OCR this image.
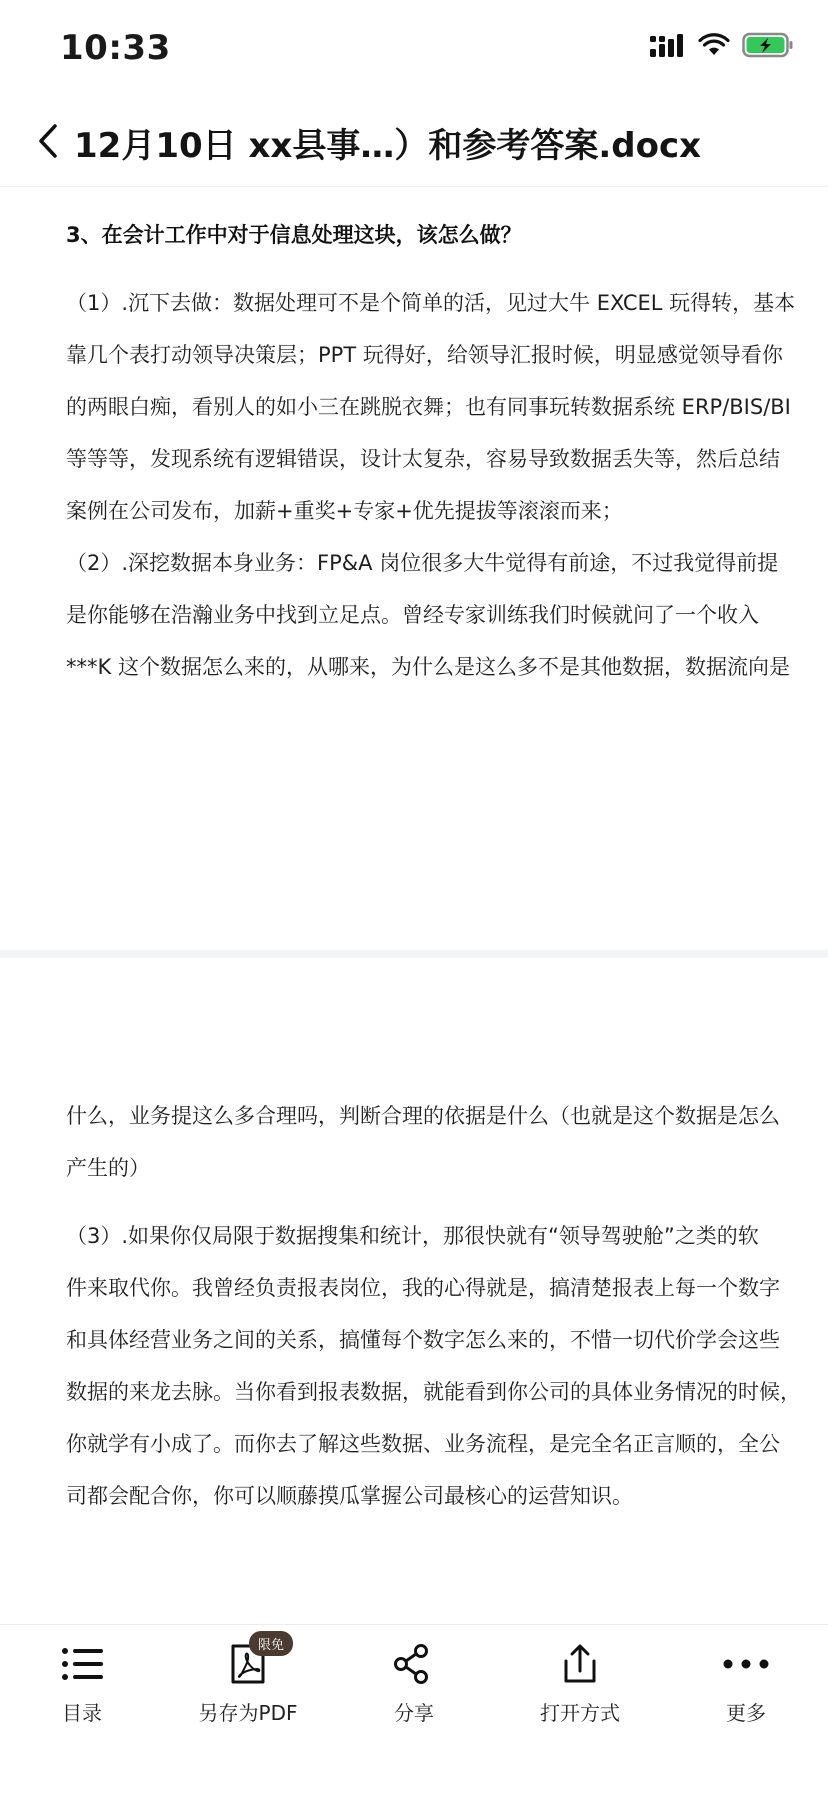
10:33
12月10日 xx县事…）和参考答案.docx
3、在会计工作中对于信息处理这块，该怎么做？
（1）.沉下去做：数据处理可不是个简单的活，见过大牛 EXCEL 玩得转，基本
靠几个表打动领导决策层；PPT 玩得好，给领导汇报时候，明显感觉领导看你
的两眼白痴，看别人的如小三在跳脱衣舞；也有同事玩转数据系统 ERP/BIS/BI
等等等，发现系统有逻辑错误，设计太复杂，容易导致数据丢失等，然后总结
案例在公司发布，加薪+重奖+专家+优先提拔等滚滚而来；
（2）.深挖数据本身业务：FP&A 岗位很多大牛觉得有前途，不过我觉得前提
是你能够在浩瀚业务中找到立足点。曾经专家训练我们时候就问了一个收入
***K 这个数据怎么来的，从哪来，为什么是这么多不是其他数据，数据流向是
什么，业务提这么多合理吗，判断合理的依据是什么（也就是这个数据是怎么
产生的）
（3）.如果你仅局限于数据搜集和统计，那很快就有“领导驾驶舱”之类的软
件来取代你。我曾经负责报表岗位，我的心得就是，搞清楚报表上每一个数字
和具体经营业务之间的关系，搞懂每个数字怎么来的，不惜一切代价学会这些
数据的来龙去脉。当你看到报表数据，就能看到你公司的具体业务情况的时候，
你就学有小成了。而你去了解这些数据、业务流程，是完全名正言顺的，全公
司都会配合你，你可以顺藤摸瓜掌握公司最核心的运营知识。
目录
限免
另存为PDF	分享	打开方式	更多
